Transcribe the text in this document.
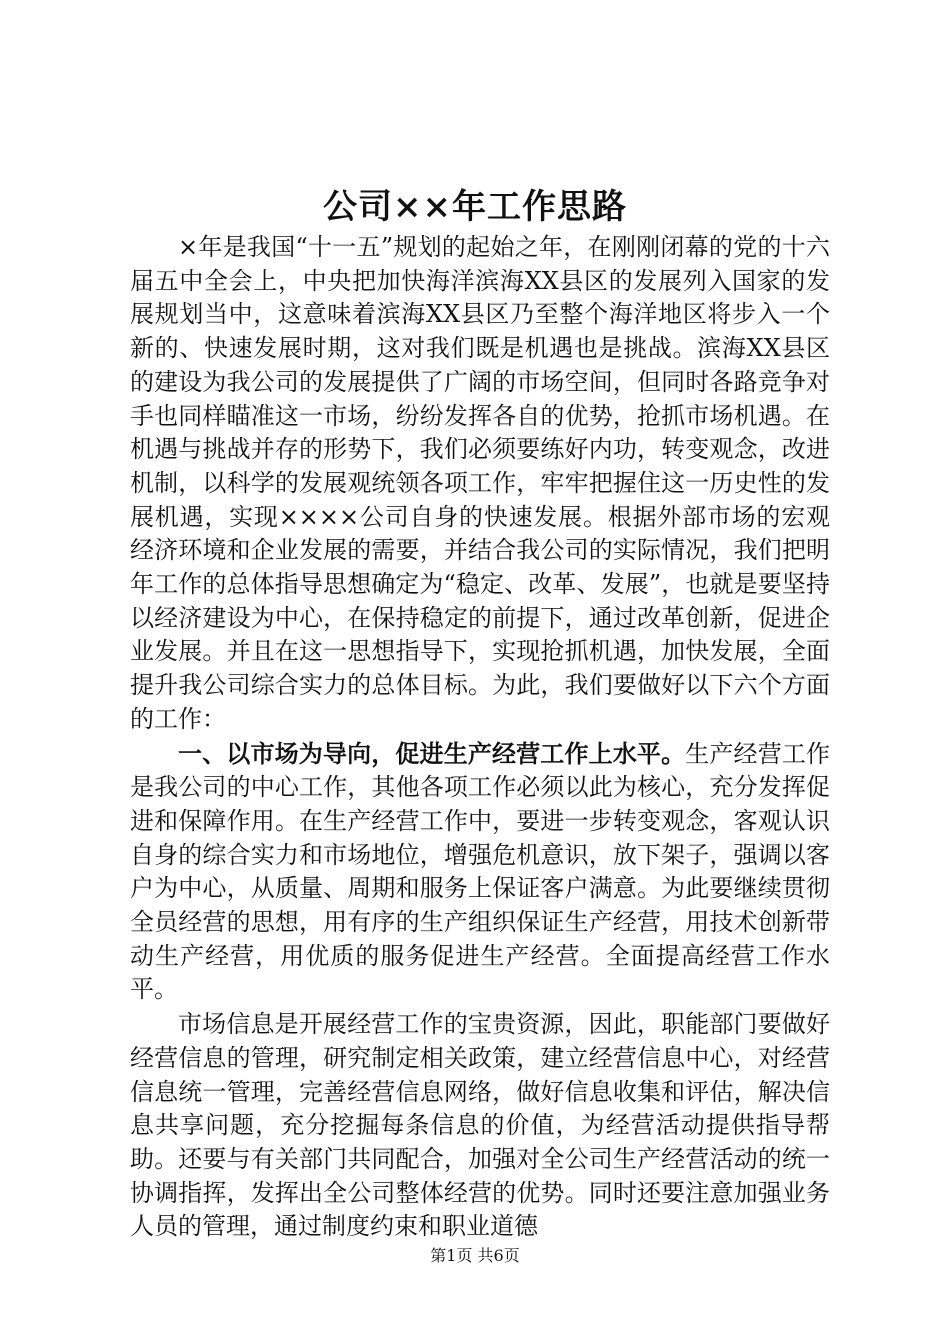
公司××年工作思路

×年是我国“十一五”规划的起始之年，在刚刚闭幕的党的十六届五中全会上，中央把加快海洋滨海XX县区的发展列入国家的发展规划当中，这意味着滨海XX县区乃至整个海洋地区将步入一个新的、快速发展时期，这对我们既是机遇也是挑战。滨海XX县区的建设为我公司的发展提供了广阔的市场空间，但同时各路竞争对手也同样瞄准这一市场，纷纷发挥各自的优势，抢抓市场机遇。在机遇与挑战并存的形势下，我们必须要练好内功，转变观念，改进机制，以科学的发展观统领各项工作，牢牢把握住这一历史性的发展机遇，实现××××公司自身的快速发展。根据外部市场的宏观经济环境和企业发展的需要，并结合我公司的实际情况，我们把明年工作的总体指导思想确定为“稳定、改革、发展”，也就是要坚持以经济建设为中心，在保持稳定的前提下，通过改革创新，促进企业发展。并且在这一思想指导下，实现抢抓机遇，加快发展，全面提升我公司综合实力的总体目标。为此，我们要做好以下六个方面的工作：

一、以市场为导向，促进生产经营工作上水平。生产经营工作是我公司的中心工作，其他各项工作必须以此为核心，充分发挥促进和保障作用。在生产经营工作中，要进一步转变观念，客观认识自身的综合实力和市场地位，增强危机意识，放下架子，强调以客户为中心，从质量、周期和服务上保证客户满意。为此要继续贯彻全员经营的思想，用有序的生产组织保证生产经营，用技术创新带动生产经营，用优质的服务促进生产经营。全面提高经营工作水平。

市场信息是开展经营工作的宝贵资源，因此，职能部门要做好经营信息的管理，研究制定相关政策，建立经营信息中心，对经营信息统一管理，完善经营信息网络，做好信息收集和评估，解决信息共享问题，充分挖掘每条信息的价值，为经营活动提供指导帮助。还要与有关部门共同配合，加强对全公司生产经营活动的统一协调指挥，发挥出全公司整体经营的优势。同时还要注意加强业务人员的管理，通过制度约束和职业道德

第1页 共6页
